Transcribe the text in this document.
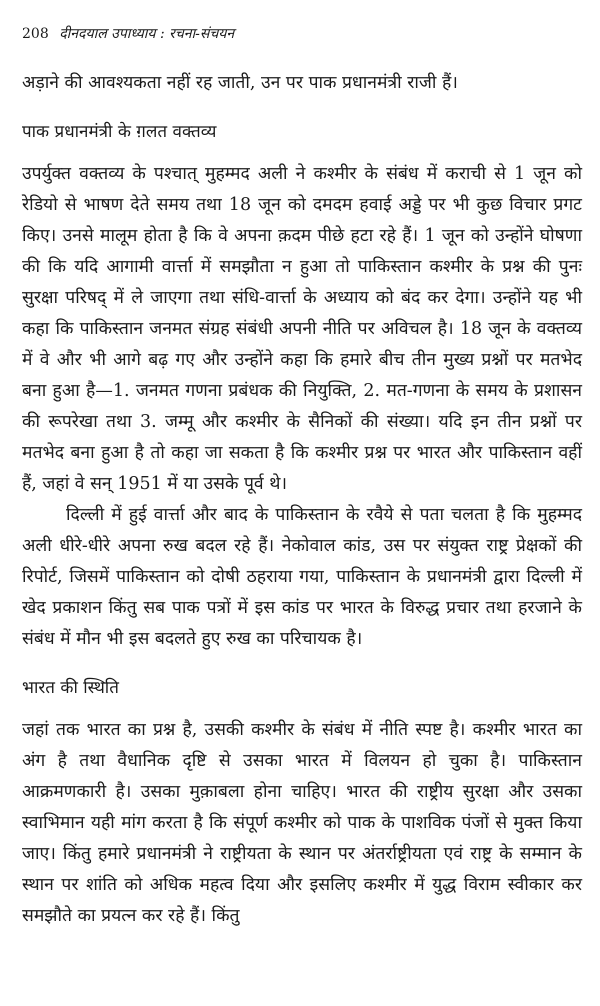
208 दीनदयाल उपाध्याय : रचना-संचयन

अड़ाने की आवश्यकता नहीं रह जाती, उन पर पाक प्रधानमंत्री राजी हैं।

पाक प्रधानमंत्री के ग़लत वक्तव्य

उपर्युक्त वक्तव्य के पश्चात् मुहम्मद अली ने कश्मीर के संबंध में कराची से 1 जून को रेडियो से भाषण देते समय तथा 18 जून को दमदम हवाई अड्डे पर भी कुछ विचार प्रगट किए। उनसे मालूम होता है कि वे अपना क़दम पीछे हटा रहे हैं। 1 जून को उन्होंने घोषणा की कि यदि आगामी वार्त्ता में समझौता न हुआ तो पाकिस्तान कश्मीर के प्रश्न की पुनः सुरक्षा परिषद् में ले जाएगा तथा संधि-वार्त्ता के अध्याय को बंद कर देगा। उन्होंने यह भी कहा कि पाकिस्तान जनमत संग्रह संबंधी अपनी नीति पर अविचल है। 18 जून के वक्तव्य में वे और भी आगे बढ़ गए और उन्होंने कहा कि हमारे बीच तीन मुख्य प्रश्नों पर मतभेद बना हुआ है—1. जनमत गणना प्रबंधक की नियुक्ति, 2. मत-गणना के समय के प्रशासन की रूपरेखा तथा 3. जम्मू और कश्मीर के सैनिकों की संख्या। यदि इन तीन प्रश्नों पर मतभेद बना हुआ है तो कहा जा सकता है कि कश्मीर प्रश्न पर भारत और पाकिस्तान वहीं हैं, जहां वे सन् 1951 में या उसके पूर्व थे।

दिल्ली में हुई वार्त्ता और बाद के पाकिस्तान के रवैये से पता चलता है कि मुहम्मद अली धीरे-धीरे अपना रुख बदल रहे हैं। नेकोवाल कांड, उस पर संयुक्त राष्ट्र प्रेक्षकों की रिपोर्ट, जिसमें पाकिस्तान को दोषी ठहराया गया, पाकिस्तान के प्रधानमंत्री द्वारा दिल्ली में खेद प्रकाशन किंतु सब पाक पत्रों में इस कांड पर भारत के विरुद्ध प्रचार तथा हरजाने के संबंध में मौन भी इस बदलते हुए रुख का परिचायक है।

भारत की स्थिति

जहां तक भारत का प्रश्न है, उसकी कश्मीर के संबंध में नीति स्पष्ट है। कश्मीर भारत का अंग है तथा वैधानिक दृष्टि से उसका भारत में विलयन हो चुका है। पाकिस्तान आक्रमणकारी है। उसका मुक़ाबला होना चाहिए। भारत की राष्ट्रीय सुरक्षा और उसका स्वाभिमान यही मांग करता है कि संपूर्ण कश्मीर को पाक के पाशविक पंजों से मुक्त किया जाए। किंतु हमारे प्रधानमंत्री ने राष्ट्रीयता के स्थान पर अंतर्राष्ट्रीयता एवं राष्ट्र के सम्मान के स्थान पर शांति को अधिक महत्व दिया और इसलिए कश्मीर में युद्ध विराम स्वीकार कर समझौते का प्रयत्न कर रहे हैं। किंतु
